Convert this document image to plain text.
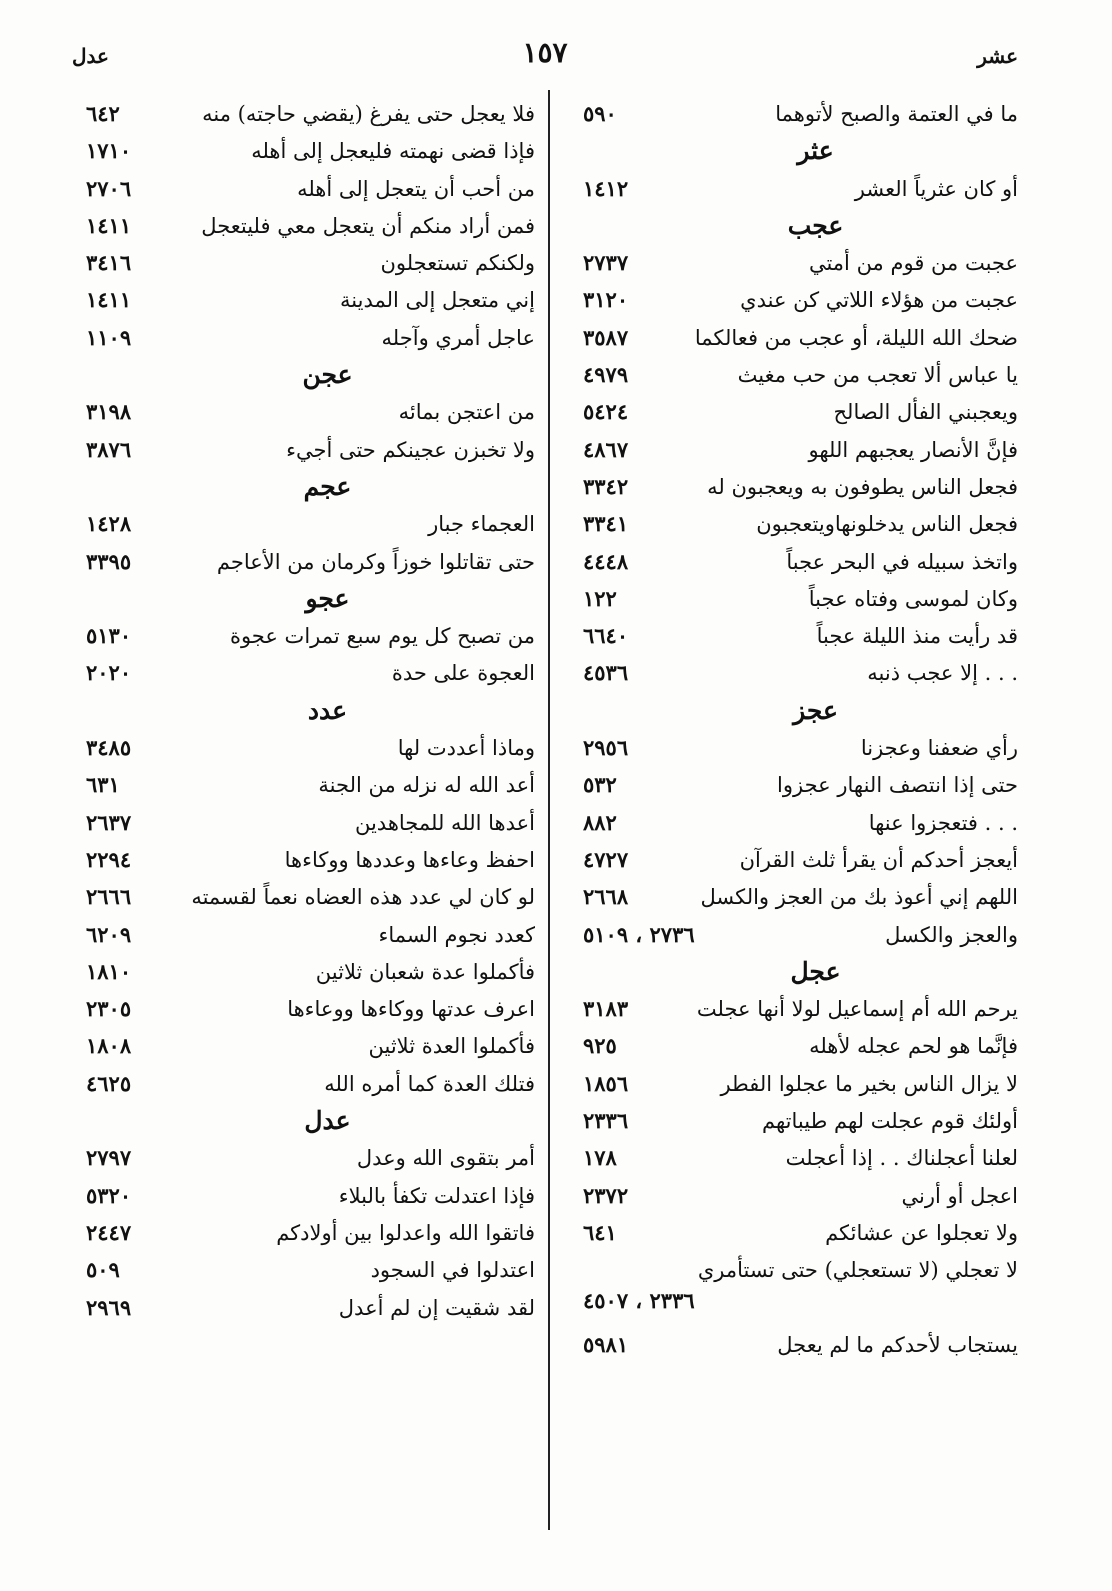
عشر
١٥٧
عدل
ما في العتمة والصبح لأتوهما
٥٩٠
عثر
أو كان عثرياً العشر
١٤١٢
عجب
عجبت من قوم من أمتي
٢٧٣٧
عجبت من هؤلاء اللاتي كن عندي
٣١٢٠
ضحك الله الليلة، أو عجب من فعالكما
٣٥٨٧
يا عباس ألا تعجب من حب مغيث
٤٩٧٩
ويعجبني الفأل الصالح
٥٤٢٤
فإنَّ الأنصار يعجبهم اللهو
٤٨٦٧
فجعل الناس يطوفون به ويعجبون له
٣٣٤٢
فجعل الناس يدخلونهاويتعجبون
٣٣٤١
واتخذ سبيله في البحر عجباً
٤٤٤٨
وكان لموسى وفتاه عجباً
١٢٢
قد رأيت منذ الليلة عجباً
٦٦٤٠
. . . إلا عجب ذنبه
٤٥٣٦
عجز
رأي ضعفنا وعجزنا
٢٩٥٦
حتى إذا انتصف النهار عجزوا
٥٣٢
. . . فتعجزوا عنها
٨٨٢
أيعجز أحدكم أن يقرأ ثلث القرآن
٤٧٢٧
اللهم إني أعوذ بك من العجز والكسل
٢٦٦٨
والعجز والكسل
٢٧٣٦ ، ٥١٠٩
عجل
يرحم الله أم إسماعيل لولا أنها عجلت
٣١٨٣
فإنَّما هو لحم عجله لأهله
٩٢٥
لا يزال الناس بخير ما عجلوا الفطر
١٨٥٦
أولئك قوم عجلت لهم طيباتهم
٢٣٣٦
لعلنا أعجلناك . . إذا أعجلت
١٧٨
اعجل أو أرني
٢٣٧٢
ولا تعجلوا عن عشائكم
٦٤١
لا تعجلي (لا تستعجلي) حتى تستأمري
٢٣٣٦ ، ٤٥٠٧
يستجاب لأحدكم ما لم يعجل
٥٩٨١
فلا يعجل حتى يفرغ (يقضي حاجته) منه
٦٤٢
فإذا قضى نهمته فليعجل إلى أهله
١٧١٠
من أحب أن يتعجل إلى أهله
٢٧٠٦
فمن أراد منكم أن يتعجل معي فليتعجل
١٤١١
ولكنكم تستعجلون
٣٤١٦
إني متعجل إلى المدينة
١٤١١
عاجل أمري وآجله
١١٠٩
عجن
من اعتجن بمائه
٣١٩٨
ولا تخبزن عجينكم حتى أجيء
٣٨٧٦
عجم
العجماء جبار
١٤٢٨
حتى تقاتلوا خوزاً وكرمان من الأعاجم
٣٣٩٥
عجو
من تصبح كل يوم سبع تمرات عجوة
٥١٣٠
العجوة على حدة
٢٠٢٠
عدد
وماذا أعددت لها
٣٤٨٥
أعد الله له نزله من الجنة
٦٣١
أعدها الله للمجاهدين
٢٦٣٧
احفظ وعاءها وعددها ووكاءها
٢٢٩٤
لو كان لي عدد هذه العضاه نعماً لقسمته
٢٦٦٦
كعدد نجوم السماء
٦٢٠٩
فأكملوا عدة شعبان ثلاثين
١٨١٠
اعرف عدتها ووكاءها ووعاءها
٢٣٠٥
فأكملوا العدة ثلاثين
١٨٠٨
فتلك العدة كما أمره الله
٤٦٢٥
عدل
أمر بتقوى الله وعدل
٢٧٩٧
فإذا اعتدلت تكفأ بالبلاء
٥٣٢٠
فاتقوا الله واعدلوا بين أولادكم
٢٤٤٧
اعتدلوا في السجود
٥٠٩
لقد شقيت إن لم أعدل
٢٩٦٩
